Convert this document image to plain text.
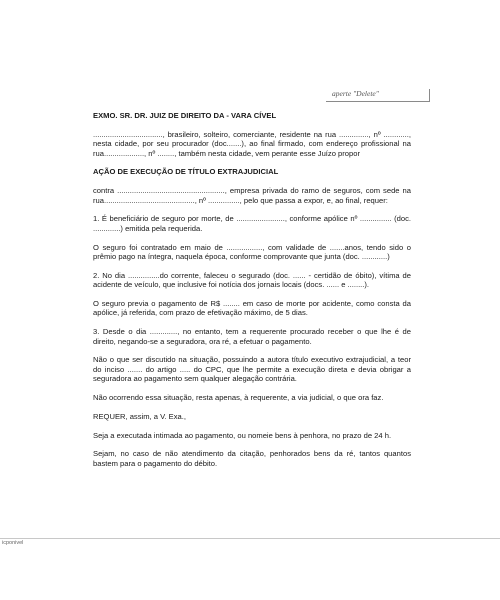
aperte "Delete"

EXMO. SR. DR. JUIZ DE DIREITO DA - VARA CÍVEL

................................., brasileiro, solteiro, comerciante, residente na rua .............., nº ............, nesta cidade, por seu procurador (doc.......), ao final firmado, com endereço profissional na rua..................., nº ........, também nesta cidade, vem perante esse Juízo propor

AÇÃO DE EXECUÇÃO DE TÍTULO EXTRAJUDICIAL

contra ..................................................., empresa privada do ramo de seguros, com sede na rua..........................................., nº ..............., pelo que passa a expor, e, ao final, requer:

1. É beneficiário de seguro por morte, de ......................., conforme apólice nº ............... (doc. .............) emitida pela requerida.

O seguro foi contratado em maio de ................., com validade de .......anos, tendo sido o prêmio pago na íntegra, naquela época, conforme comprovante que junta (doc. ............)

2. No dia ...............do corrente, faleceu o segurado (doc. ...... - certidão de óbito), vítima de acidente de veículo, que inclusive foi notícia dos jornais locais (docs. ...... e ........).

O seguro previa o pagamento de R$ ........ em caso de morte por acidente, como consta da apólice, já referida, com prazo de efetivação máximo, de 5 dias.

3. Desde o dia ............., no entanto, tem a requerente procurado receber o que lhe é de direito, negando-se a seguradora, ora ré, a efetuar o pagamento.

Não o que ser discutido na situação, possuindo a autora título executivo extrajudicial, a teor do inciso ....... do artigo ..... do CPC, que lhe permite a execução direta e devia obrigar a seguradora ao pagamento sem qualquer alegação contrária.

Não ocorrendo essa situação, resta apenas, à requerente, a via judicial, o que ora faz.

REQUER, assim, a V. Exa.,

Seja a executada intimada ao pagamento, ou nomeie bens à penhora, no prazo de 24 h.

Sejam, no caso de não atendimento da citação, penhorados bens da ré, tantos quantos bastem para o pagamento do débito.

icponivel
